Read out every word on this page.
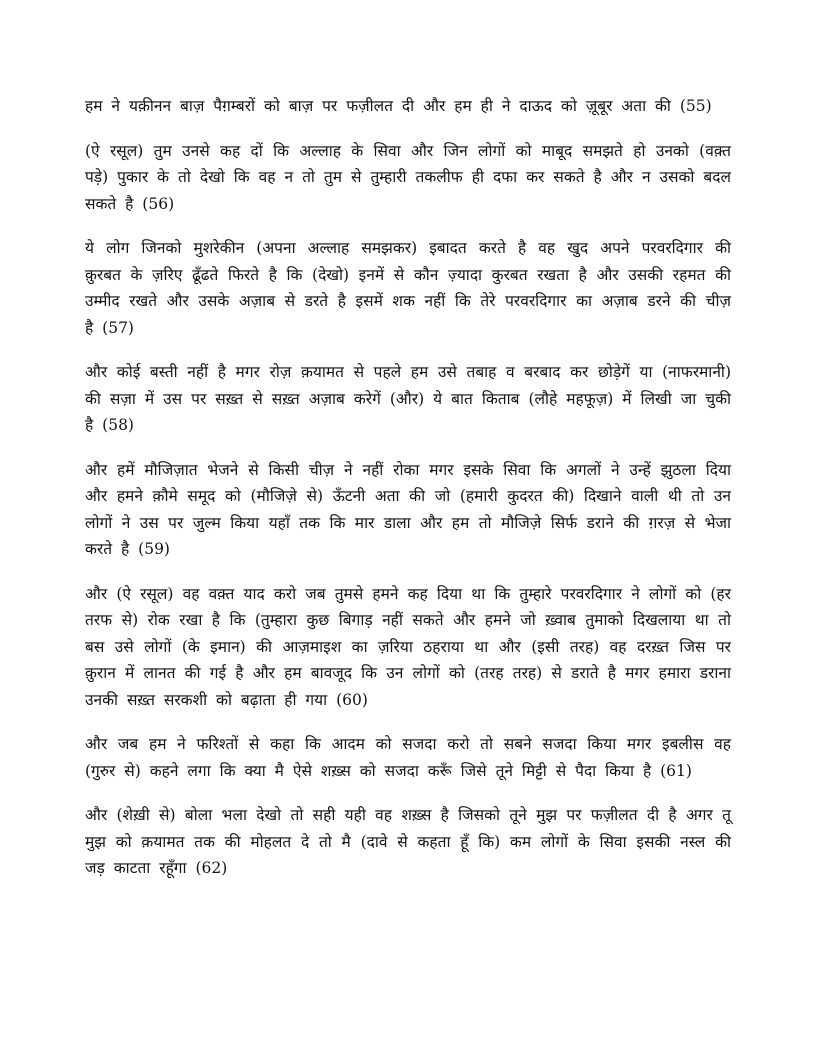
हम ने यक़ीनन बाज़ पैग़म्बरों को बाज़ पर फज़ीलत दी और हम ही ने दाऊद को ज़ूबूर अता की (55)

(ऐ रसूल) तुम उनसे कह दों कि अल्लाह के सिवा और जिन लोगों को माबूद समझते हो उनको (वक़्त पड़े) पुकार के तो देखो कि वह न तो तुम से तुम्हारी तकलीफ ही दफा कर सकते है और न उसको बदल सकते है (56)

ये लोग जिनको मुशरेकीन (अपना अल्लाह समझकर) इबादत करते है वह खुद अपने परवरदिगार की क़ुरबत के ज़रिए ढूँढते फिरते है कि (देखो) इनमें से कौन ज़्यादा कुरबत रखता है और उसकी रहमत की उम्मीद रखते और उसके अज़ाब से डरते है इसमें शक नहीं कि तेरे परवरदिगार का अज़ाब डरने की चीज़ है (57)

और कोई बस्ती नहीं है मगर रोज़ क़यामत से पहले हम उसे तबाह व बरबाद कर छोड़ेगें या (नाफरमानी) की सज़ा में उस पर सख़्त से सख़्त अज़ाब करेगें (और) ये बात किताब (लौहे महफूज़) में लिखी जा चुकी है (58)

और हमें मौजिज़ात भेजने से किसी चीज़ ने नहीं रोका मगर इसके सिवा कि अगलों ने उन्हें झुठला दिया और हमने क़ौमे समूद को (मौजिज़े से) ऊँटनी अता की जो (हमारी कुदरत की) दिखाने वाली थी तो उन लोगों ने उस पर जुल्म किया यहाँ तक कि मार डाला और हम तो मौजिज़े सिर्फ डराने की ग़रज़ से भेजा करते है (59)

और (ऐ रसूल) वह वक़्त याद करो जब तुमसे हमने कह दिया था कि तुम्हारे परवरदिगार ने लोगों को (हर तरफ से) रोक रखा है कि (तुम्हारा कुछ बिगाड़ नहीं सकते और हमने जो ख़्वाब तुमाको दिखलाया था तो बस उसे लोगों (के इमान) की आज़माइश का ज़रिया ठहराया था और (इसी तरह) वह दरख़्त जिस पर क़ुरान में लानत की गई है और हम बावजूद कि उन लोगों को (तरह तरह) से डराते है मगर हमारा डराना उनकी सख़्त सरकशी को बढ़ाता ही गया (60)

और जब हम ने फरिश्तों से कहा कि आदम को सजदा करो तो सबने सजदा किया मगर इबलीस वह (गुरुर से) कहने लगा कि क्या मै ऐसे शख़्स को सजदा करूँ जिसे तूने मिट्टी से पैदा किया है (61)

और (शेख़ी से) बोला भला देखो तो सही यही वह शख़्स है जिसको तूने मुझ पर फज़ीलत दी है अगर तू मुझ को क़यामत तक की मोहलत दे तो मै (दावे से कहता हूँ कि) कम लोगों के सिवा इसकी नस्ल की जड़ काटता रहूँगा (62)
